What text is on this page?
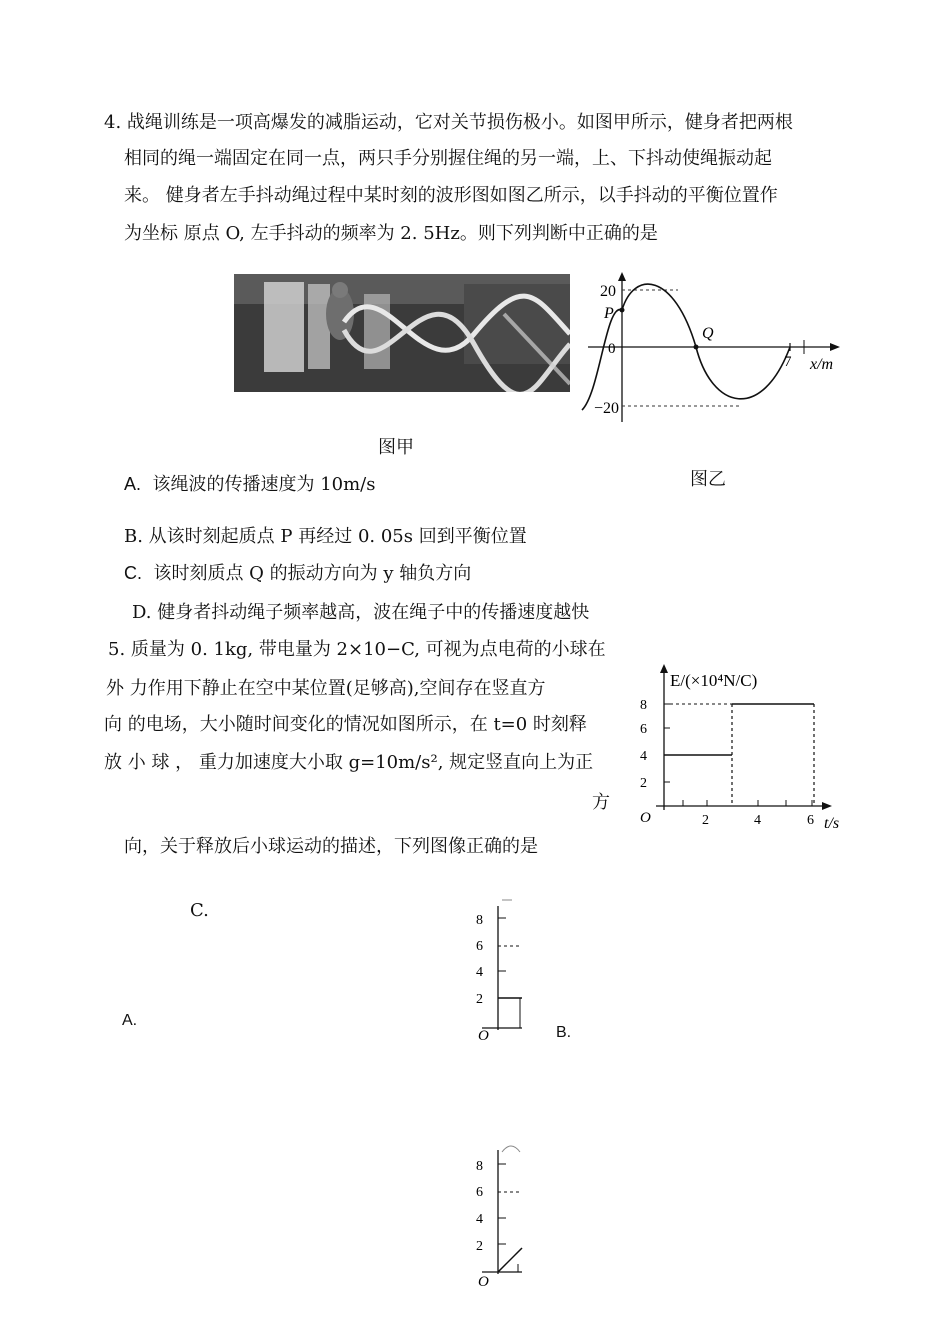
4. 战绳训练是一项高爆发的减脂运动，它对关节损伤极小。如图甲所示，健身者把两根
相同的绳一端固定在同一点，两只手分别握住绳的另一端，上、下抖动使绳振动起
来。 健身者左手抖动绳过程中某时刻的波形图如图乙所示，以手抖动的平衡位置作
为坐标 原点 O, 左手抖动的频率为 2. 5Hz。则下列判断中正确的是
图甲
20
P
0
Q
7 x/m
−20
图乙
A. 该绳波的传播速度为 10m/s
B. 从该时刻起质点 P 再经过 0. 05s 回到平衡位置
C. 该时刻质点 Q 的振动方向为 y 轴负方向
D. 健身者抖动绳子频率越高，波在绳子中的传播速度越快
5. 质量为 0. 1kg, 带电量为 2×10−C, 可视为点电荷的小球在
外 力作用下静止在空中某位置(足够高),空间存在竖直方
向 的电场，大小随时间变化的情况如图所示，在 t=0 时刻释
放 小 球 ， 重力加速度大小取 g=10m/s², 规定竖直向上为正
方
向，关于释放后小球运动的描述，下列图像正确的是
E/(×10⁴N/C)
8
6
4
2
O	2	4	6 t/s
C.
A.
B.
8
6
4
2
O
8
6
4
2
O
